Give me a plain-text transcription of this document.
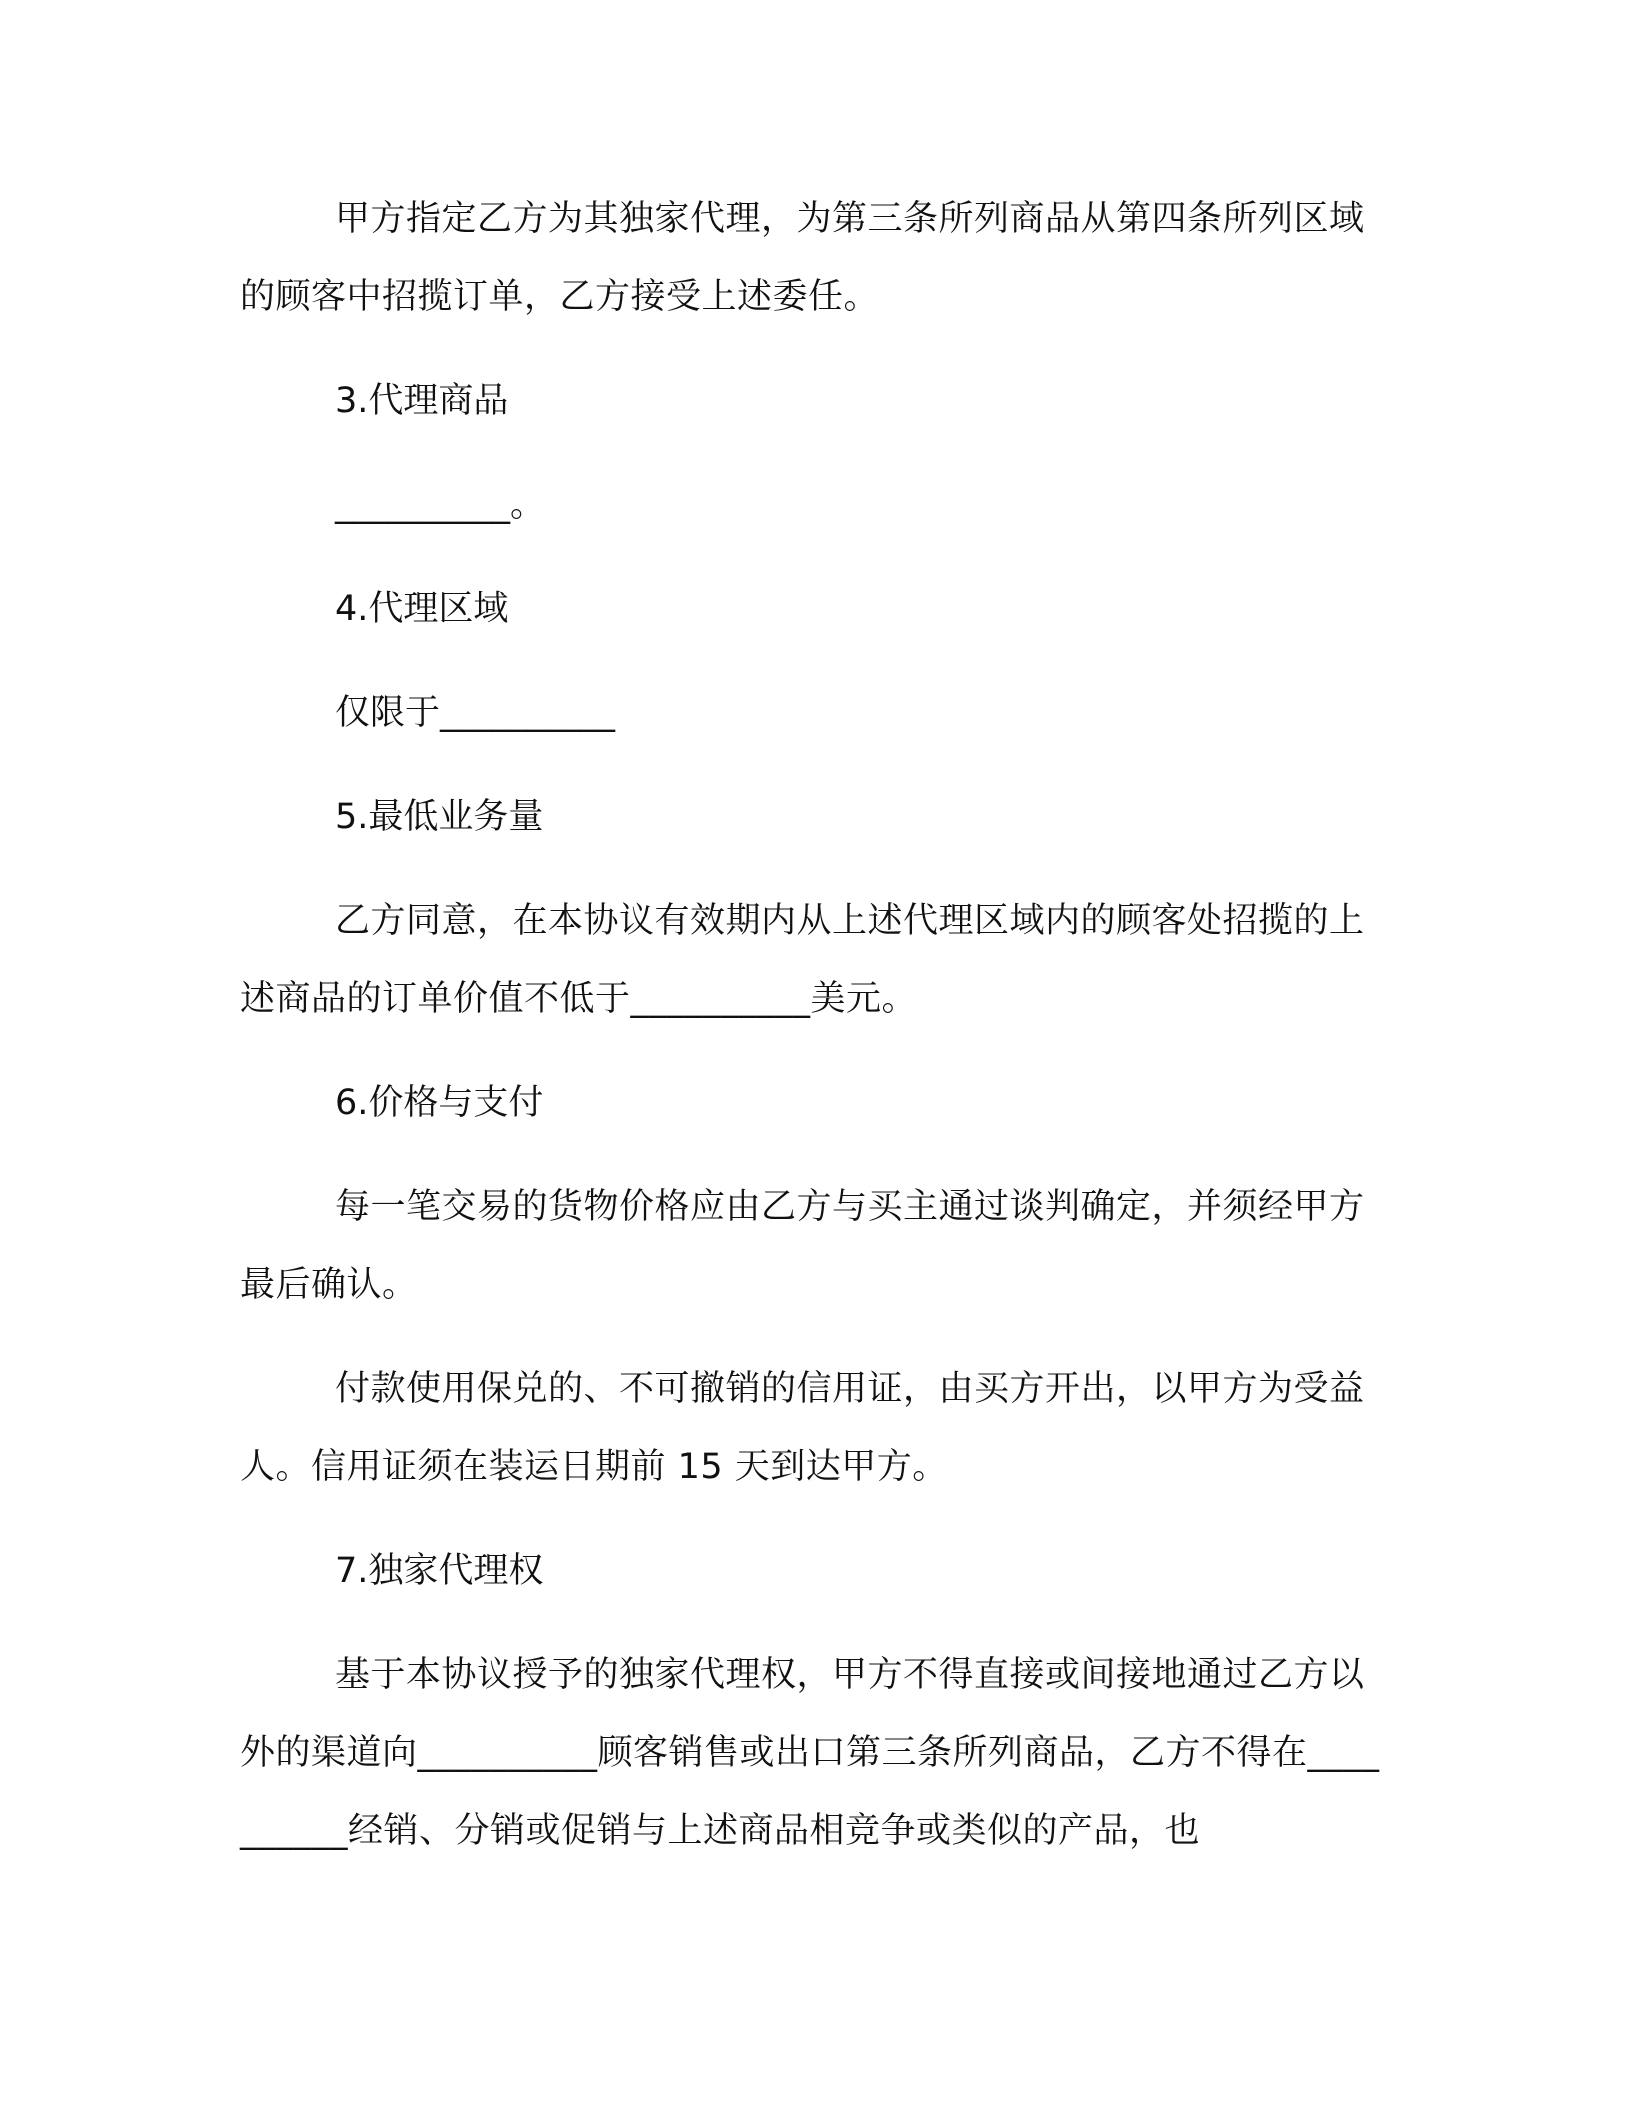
甲方指定乙方为其独家代理，为第三条所列商品从第四条所列区域的顾客中招揽订单，乙方接受上述委任。

3.代理商品

__________。

4.代理区域

仅限于__________

5.最低业务量

乙方同意，在本协议有效期内从上述代理区域内的顾客处招揽的上述商品的订单价值不低于__________美元。

6.价格与支付

每一笔交易的货物价格应由乙方与买主通过谈判确定，并须经甲方最后确认。

付款使用保兑的、不可撤销的信用证，由买方开出，以甲方为受益人。信用证须在装运日期前 15 天到达甲方。

7.独家代理权

基于本协议授予的独家代理权，甲方不得直接或间接地通过乙方以外的渠道向__________顾客销售或出口第三条所列商品，乙方不得在__________经销、分销或促销与上述商品相竞争或类似的产品，也
